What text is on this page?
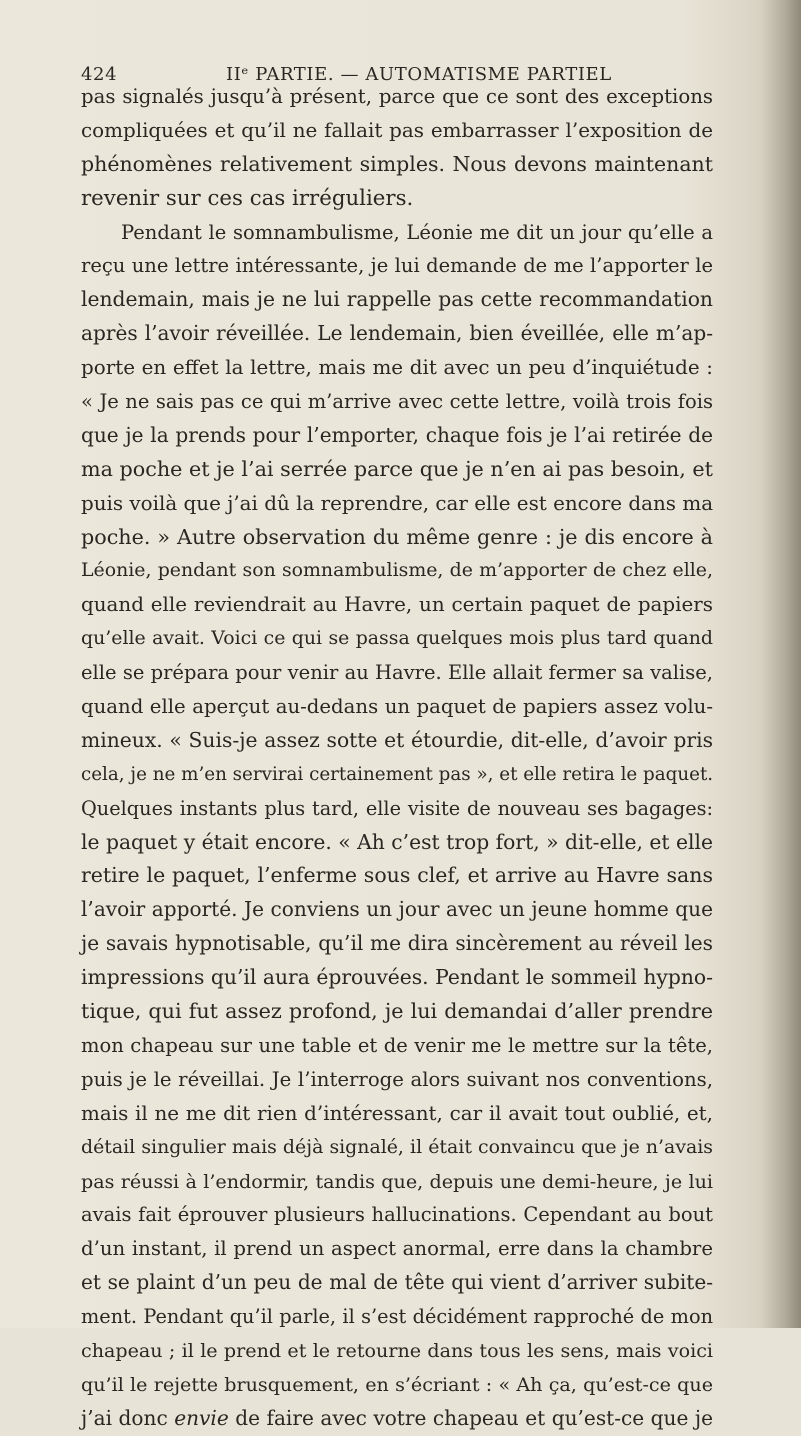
424	IIᵉ PARTIE. — AUTOMATISME PARTIEL
pas signalés jusqu’à présent, parce que ce sont des exceptions
compliquées et qu’il ne fallait pas embarrasser l’exposition de
phénomènes relativement simples. Nous devons maintenant
revenir sur ces cas irréguliers.
Pendant le somnambulisme, Léonie me dit un jour qu’elle a
reçu une lettre intéressante, je lui demande de me l’apporter le
lendemain, mais je ne lui rappelle pas cette recommandation
après l’avoir réveillée. Le lendemain, bien éveillée, elle m’ap-
porte en effet la lettre, mais me dit avec un peu d’inquiétude :
« Je ne sais pas ce qui m’arrive avec cette lettre, voilà trois fois
que je la prends pour l’emporter, chaque fois je l’ai retirée de
ma poche et je l’ai serrée parce que je n’en ai pas besoin, et
puis voilà que j’ai dû la reprendre, car elle est encore dans ma
poche. » Autre observation du même genre : je dis encore à
Léonie, pendant son somnambulisme, de m’apporter de chez elle,
quand elle reviendrait au Havre, un certain paquet de papiers
qu’elle avait. Voici ce qui se passa quelques mois plus tard quand
elle se prépara pour venir au Havre. Elle allait fermer sa valise,
quand elle aperçut au-dedans un paquet de papiers assez volu-
mineux. « Suis-je assez sotte et étourdie, dit-elle, d’avoir pris
cela, je ne m’en servirai certainement pas », et elle retira le paquet.
Quelques instants plus tard, elle visite de nouveau ses bagages:
le paquet y était encore. « Ah c’est trop fort, » dit-elle, et elle
retire le paquet, l’enferme sous clef, et arrive au Havre sans
l’avoir apporté. Je conviens un jour avec un jeune homme que
je savais hypnotisable, qu’il me dira sincèrement au réveil les
impressions qu’il aura éprouvées. Pendant le sommeil hypno-
tique, qui fut assez profond, je lui demandai d’aller prendre
mon chapeau sur une table et de venir me le mettre sur la tête,
puis je le réveillai. Je l’interroge alors suivant nos conventions,
mais il ne me dit rien d’intéressant, car il avait tout oublié, et,
détail singulier mais déjà signalé, il était convaincu que je n’avais
pas réussi à l’endormir, tandis que, depuis une demi-heure, je lui
avais fait éprouver plusieurs hallucinations. Cependant au bout
d’un instant, il prend un aspect anormal, erre dans la chambre
et se plaint d’un peu de mal de tête qui vient d’arriver subite-
ment. Pendant qu’il parle, il s’est décidément rapproché de mon
chapeau ; il le prend et le retourne dans tous les sens, mais voici
qu’il le rejette brusquement, en s’écriant : « Ah ça, qu’est-ce que
j’ai donc envie de faire avec votre chapeau et qu’est-ce que je
